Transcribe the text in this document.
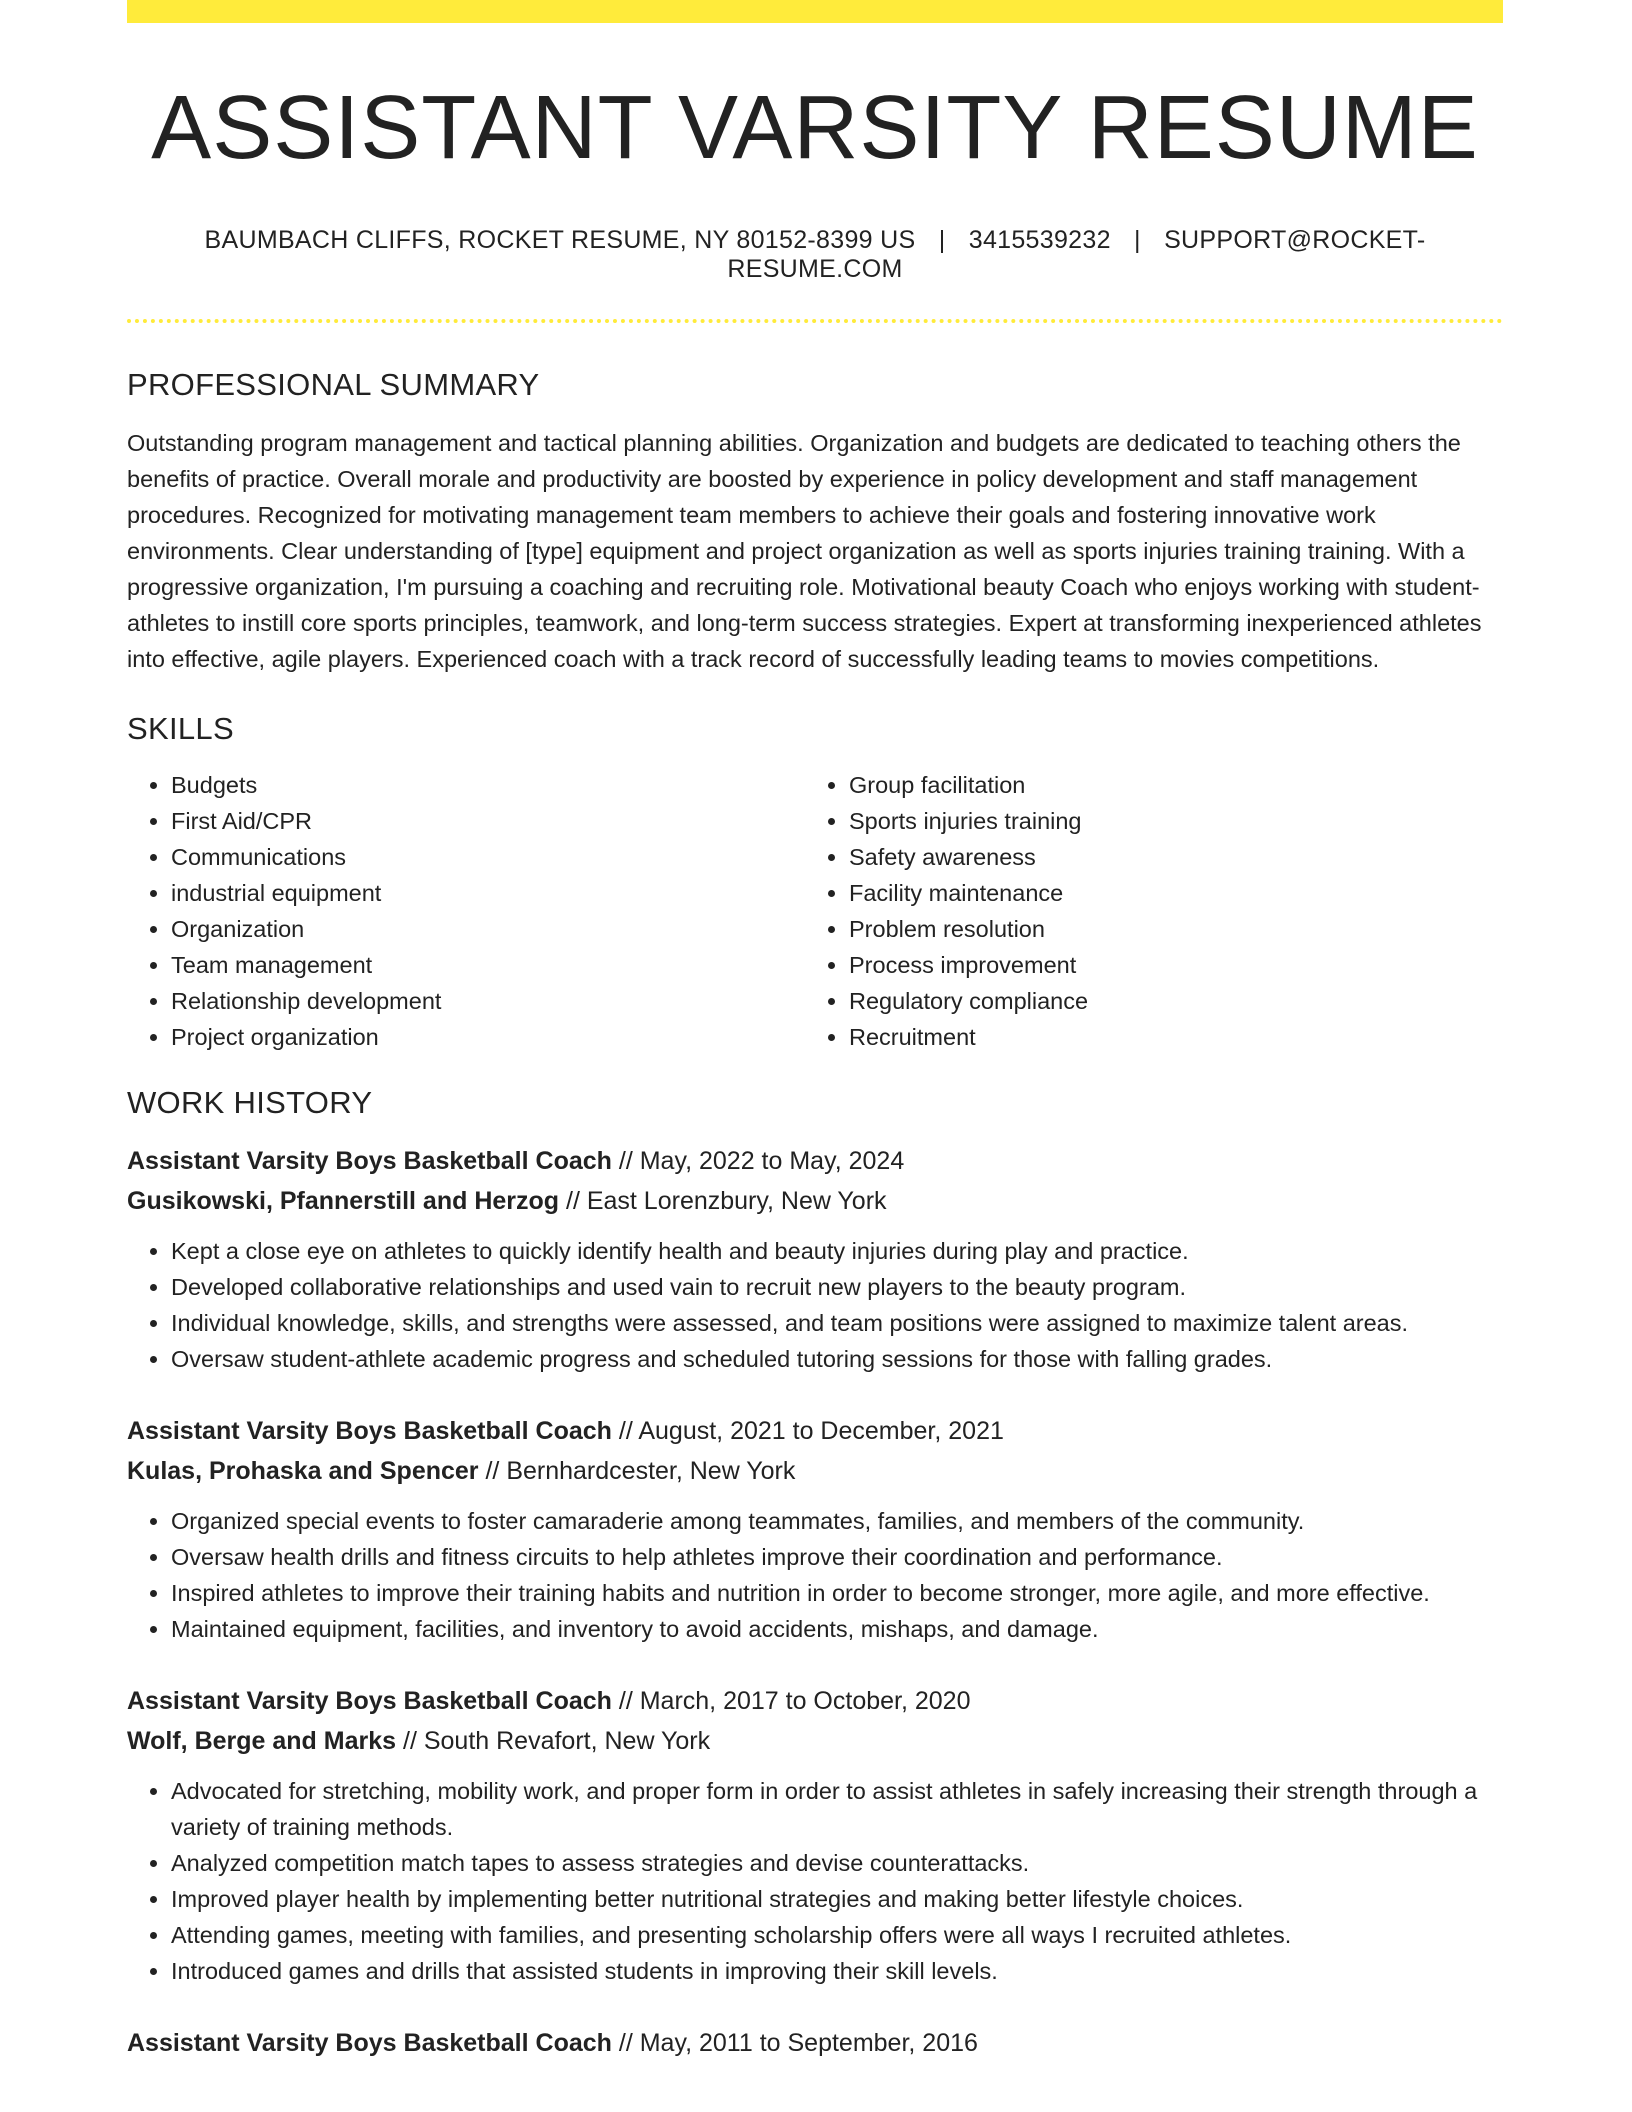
ASSISTANT VARSITY RESUME
BAUMBACH CLIFFS, ROCKET RESUME, NY 80152-8399 US | 3415539232 | SUPPORT@ROCKET-RESUME.COM
PROFESSIONAL SUMMARY
Outstanding program management and tactical planning abilities. Organization and budgets are dedicated to teaching others the benefits of practice. Overall morale and productivity are boosted by experience in policy development and staff management procedures. Recognized for motivating management team members to achieve their goals and fostering innovative work environments. Clear understanding of [type] equipment and project organization as well as sports injuries training training. With a progressive organization, I'm pursuing a coaching and recruiting role. Motivational beauty Coach who enjoys working with student-athletes to instill core sports principles, teamwork, and long-term success strategies. Expert at transforming inexperienced athletes into effective, agile players. Experienced coach with a track record of successfully leading teams to movies competitions.
SKILLS
• Budgets
• First Aid/CPR
• Communications
• industrial equipment
• Organization
• Team management
• Relationship development
• Project organization
• Group facilitation
• Sports injuries training
• Safety awareness
• Facility maintenance
• Problem resolution
• Process improvement
• Regulatory compliance
• Recruitment
WORK HISTORY
Assistant Varsity Boys Basketball Coach // May, 2022 to May, 2024
Gusikowski, Pfannerstill and Herzog // East Lorenzbury, New York
• Kept a close eye on athletes to quickly identify health and beauty injuries during play and practice.
• Developed collaborative relationships and used vain to recruit new players to the beauty program.
• Individual knowledge, skills, and strengths were assessed, and team positions were assigned to maximize talent areas.
• Oversaw student-athlete academic progress and scheduled tutoring sessions for those with falling grades.
Assistant Varsity Boys Basketball Coach // August, 2021 to December, 2021
Kulas, Prohaska and Spencer // Bernhardcester, New York
• Organized special events to foster camaraderie among teammates, families, and members of the community.
• Oversaw health drills and fitness circuits to help athletes improve their coordination and performance.
• Inspired athletes to improve their training habits and nutrition in order to become stronger, more agile, and more effective.
• Maintained equipment, facilities, and inventory to avoid accidents, mishaps, and damage.
Assistant Varsity Boys Basketball Coach // March, 2017 to October, 2020
Wolf, Berge and Marks // South Revafort, New York
• Advocated for stretching, mobility work, and proper form in order to assist athletes in safely increasing their strength through a variety of training methods.
• Analyzed competition match tapes to assess strategies and devise counterattacks.
• Improved player health by implementing better nutritional strategies and making better lifestyle choices.
• Attending games, meeting with families, and presenting scholarship offers were all ways I recruited athletes.
• Introduced games and drills that assisted students in improving their skill levels.
Assistant Varsity Boys Basketball Coach // May, 2011 to September, 2016
